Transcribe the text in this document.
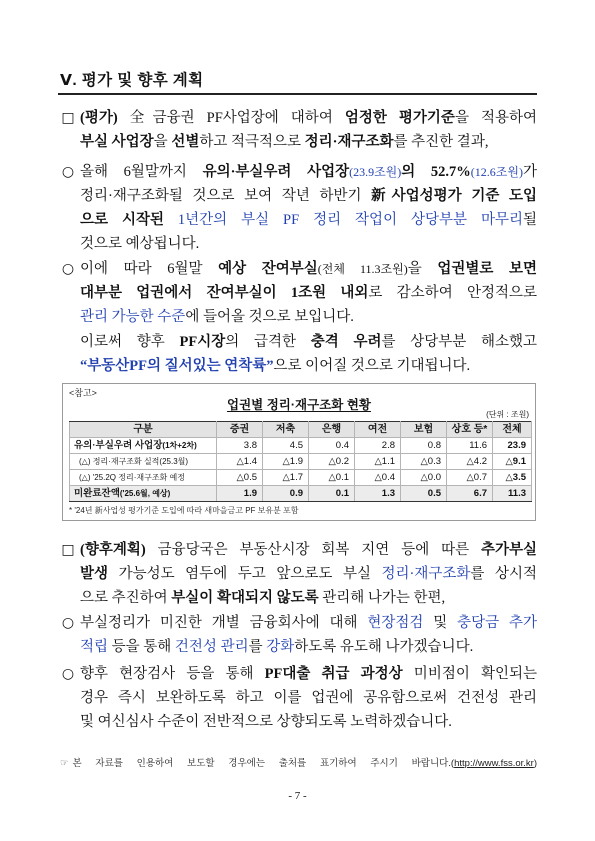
Ⅴ. 평가 및 향후 계획
□ (평가) 全금융권 PF사업장에 대하여 엄정한 평가기준을 적용하여
부실 사업장을 선별하고 적극적으로 정리·재구조화를 추진한 결과,
○ 올해 6월말까지 유의·부실우려 사업장(23.9조원)의 52.7%(12.6조원)가
정리·재구조화될 것으로 보여 작년 하반기 新사업성평가 기준 도입
으로 시작된 1년간의 부실 PF 정리 작업이 상당부분 마무리될
것으로 예상됩니다.
○ 이에 따라 6월말 예상 잔여부실(전체 11.3조원)을 업권별로 보면
대부분 업권에서 잔여부실이 1조원 내외로 감소하여 안정적으로
관리 가능한 수준에 들어올 것으로 보입니다.
이로써 향후 PF시장의 급격한 충격 우려를 상당부분 해소했고
“부동산PF의 질서있는 연착륙”으로 이어질 것으로 기대됩니다.
<참고>
업권별 정리·재구조화 현황
(단위 : 조원)
구분	증권	저축	은행	여전	보험	상호 등*	전체
유의·부실우려 사업장(1차+2차)	3.8	4.5	0.4	2.8	0.8	11.6	23.9
(△) 정리·재구조화 실적(25.3월)	△1.4	△1.9	△0.2	△1.1	△0.3	△4.2	△9.1
(△) '25.2Q 정리·재구조화 예정	△0.5	△1.7	△0.1	△0.4	△0.0	△0.7	△3.5
미완료잔액('25.6월, 예상)	1.9	0.9	0.1	1.3	0.5	6.7	11.3
* '24년 新사업성 평가기준 도입에 따라 새마을금고 PF 보유분 포함
□ (향후계획) 금융당국은 부동산시장 회복 지연 등에 따른 추가부실
발생 가능성도 염두에 두고 앞으로도 부실 정리·재구조화를 상시적
으로 추진하여 부실이 확대되지 않도록 관리해 나가는 한편,
○ 부실정리가 미진한 개별 금융회사에 대해 현장점검 및 충당금 추가
적립 등을 통해 건전성 관리를 강화하도록 유도해 나가겠습니다.
○ 향후 현장검사 등을 통해 PF대출 취급 과정상 미비점이 확인되는
경우 즉시 보완하도록 하고 이를 업권에 공유함으로써 건전성 관리
및 여신심사 수준이 전반적으로 상향되도록 노력하겠습니다.
☞ 본 자료를 인용하여 보도할 경우에는 출처를 표기하여 주시기 바랍니다.(http://www.fss.or.kr)
- 7 -
